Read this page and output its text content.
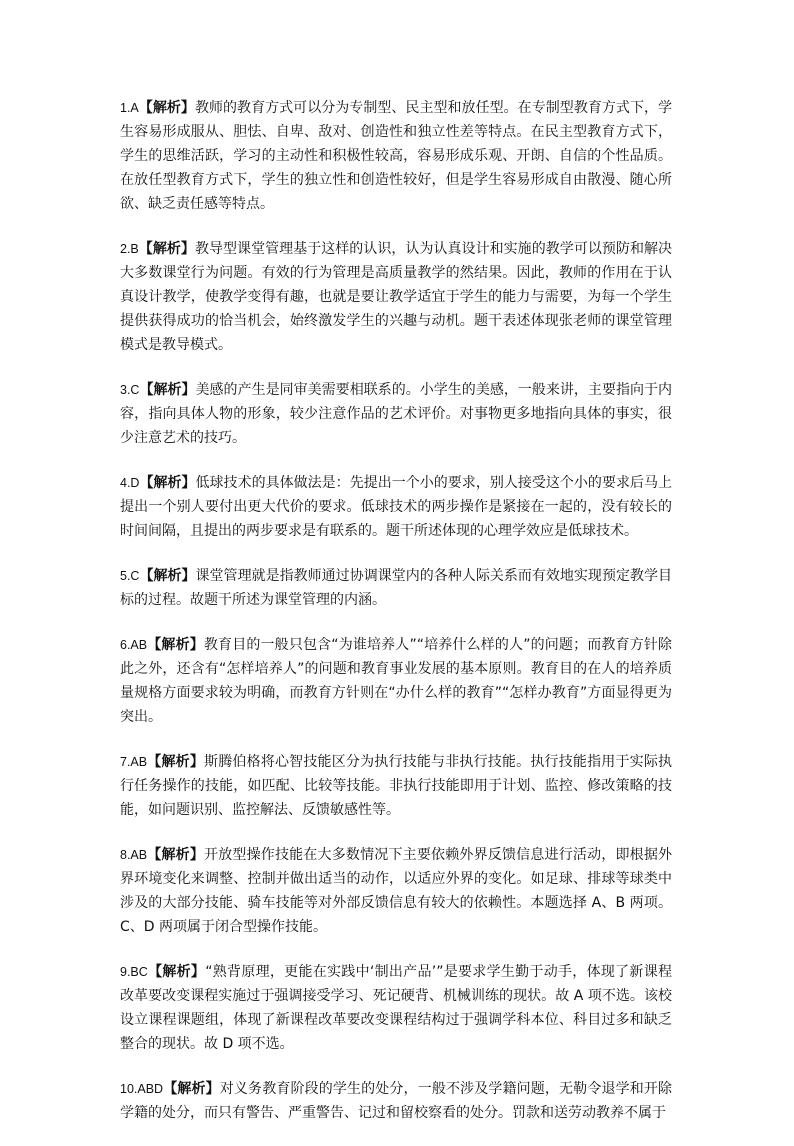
1.A【解析】教师的教育方式可以分为专制型、民主型和放任型。在专制型教育方式下，学生容易形成服从、胆怯、自卑、敌对、创造性和独立性差等特点。在民主型教育方式下，学生的思维活跃，学习的主动性和积极性较高，容易形成乐观、开朗、自信的个性品质。在放任型教育方式下，学生的独立性和创造性较好，但是学生容易形成自由散漫、随心所欲、缺乏责任感等特点。

2.B【解析】教导型课堂管理基于这样的认识，认为认真设计和实施的教学可以预防和解决大多数课堂行为问题。有效的行为管理是高质量教学的然结果。因此，教师的作用在于认真设计教学，使教学变得有趣，也就是要让教学适宜于学生的能力与需要，为每一个学生提供获得成功的恰当机会，始终激发学生的兴趣与动机。题干表述体现张老师的课堂管理模式是教导模式。

3.C【解析】美感的产生是同审美需要相联系的。小学生的美感，一般来讲，主要指向于内容，指向具体人物的形象，较少注意作品的艺术评价。对事物更多地指向具体的事实，很少注意艺术的技巧。

4.D【解析】低球技术的具体做法是：先提出一个小的要求，别人接受这个小的要求后马上提出一个别人要付出更大代价的要求。低球技术的两步操作是紧接在一起的，没有较长的时间间隔，且提出的两步要求是有联系的。题干所述体现的心理学效应是低球技术。

5.C【解析】课堂管理就是指教师通过协调课堂内的各种人际关系而有效地实现预定教学目标的过程。故题干所述为课堂管理的内涵。

6.AB【解析】教育目的一般只包含“为谁培养人”“培养什么样的人”的问题；而教育方针除此之外，还含有“怎样培养人”的问题和教育事业发展的基本原则。教育目的在人的培养质量规格方面要求较为明确，而教育方针则在“办什么样的教育”“怎样办教育”方面显得更为突出。

7.AB【解析】斯腾伯格将心智技能区分为执行技能与非执行技能。执行技能指用于实际执行任务操作的技能，如匹配、比较等技能。非执行技能即用于计划、监控、修改策略的技能，如问题识别、监控解法、反馈敏感性等。

8.AB【解析】开放型操作技能在大多数情况下主要依赖外界反馈信息进行活动，即根据外界环境变化来调整、控制并做出适当的动作，以适应外界的变化。如足球、排球等球类中涉及的大部分技能、骑车技能等对外部反馈信息有较大的依赖性。本题选择 A、B 两项。C、D 两项属于闭合型操作技能。

9.BC【解析】“熟背原理，更能在实践中‘制出产品’”是要求学生勤于动手，体现了新课程改革要改变课程实施过于强调接受学习、死记硬背、机械训练的现状。故 A 项不选。该校设立课程课题组，体现了新课程改革要改变课程结构过于强调学科本位、科目过多和缺乏整合的现状。故 D 项不选。

10.ABD【解析】对义务教育阶段的学生的处分，一般不涉及学籍问题，无勒令退学和开除学籍的处分，而只有警告、严重警告、记过和留校察看的处分。罚款和送劳动教养不属于
